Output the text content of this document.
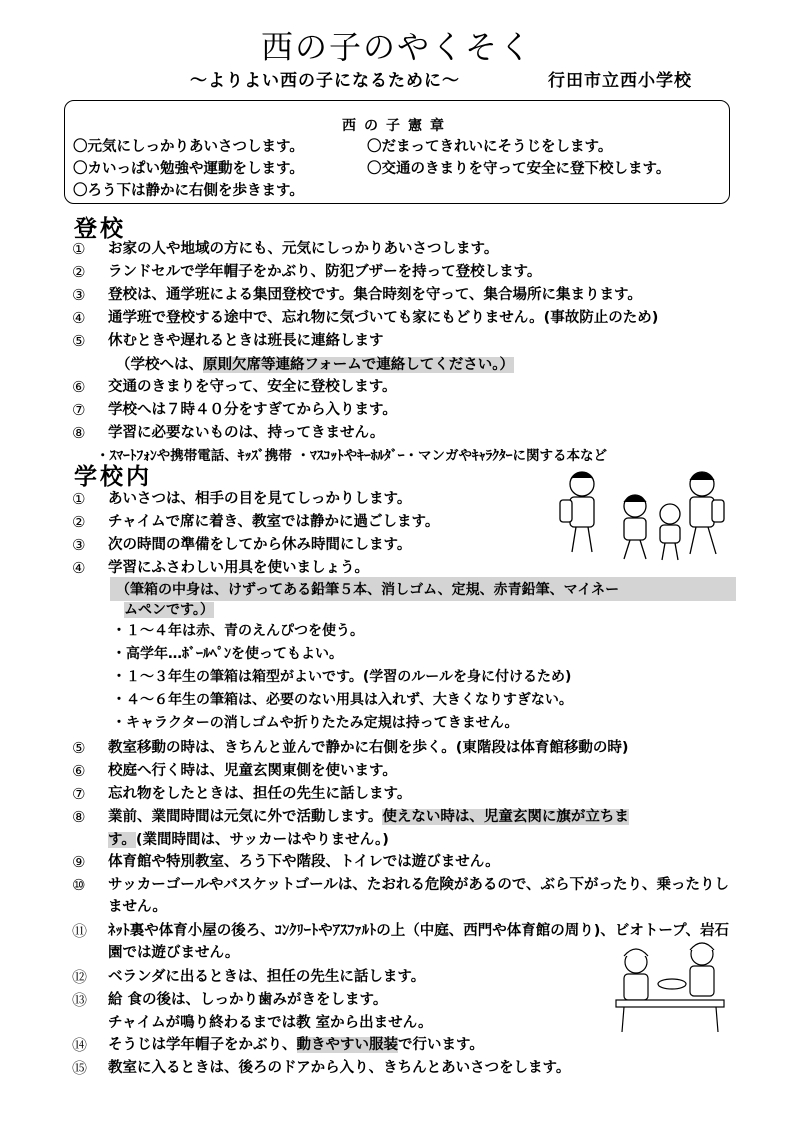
西の子のやくそく
〜よりよい西の子になるために〜	行田市立西小学校
西の子憲章
〇元気にしっかりあいさつします。	〇だまってきれいにそうじをします。
〇カいっぱい勉強や運動をします。	〇交通のきまりを守って安全に登下校します。
〇ろう下は静かに右側を歩きます。
登校
①	お家の人や地域の方にも、元気にしっかりあいさつします。
②	ランドセルで学年帽子をかぶり、防犯ブザーを持って登校します。
③	登校は、通学班による集団登校です。集合時刻を守って、集合場所に集まります。
④	通学班で登校する途中で、忘れ物に気づいても家にもどりません。(事故防止のため)
⑤	休むときや遅れるときは班長に連絡します
（学校へは、原則欠席等連絡フォームで連絡してください。）
⑥	交通のきまりを守って、安全に登校します。
⑦	学校へは７時４０分をすぎてから入ります。
⑧	学習に必要ないものは、持ってきません。
・ｽﾏｰﾄﾌｫﾝや携帯電話、ｷｯｽﾞ携帯 ・ﾏｽｺｯﾄやｷｰﾎﾙﾀﾞｰ・マンガやｷｬﾗｸﾀｰに関する本など
学校内
①	あいさつは、相手の目を見てしっかりします。
②	チャイムで席に着き、教室では静かに過ごします。
③	次の時間の準備をしてから休み時間にします。
④	学習にふさわしい用具を使いましょう。
（筆箱の中身は、けずってある鉛筆５本、消しゴム、定規、赤青鉛筆、マイネー
ムペンです。）
・１～４年は赤、青のえんぴつを使う。
・高学年…ﾎﾞｰﾙﾍﾟﾝを使ってもよい。
・１～３年生の筆箱は箱型がよいです。(学習のルールを身に付けるため)
・４～６年生の筆箱は、必要のない用具は入れず、大きくなりすぎない。
・キャラクターの消しゴムや折りたたみ定規は持ってきません。
⑤	教室移動の時は、きちんと並んで静かに右側を歩く。(東階段は体育館移動の時)
⑥	校庭へ行く時は、児童玄関東側を使います。
⑦	忘れ物をしたときは、担任の先生に話します。
⑧	業前、業間時間は元気に外で活動します。使えない時は、児童玄関に旗が立ちま
す。(業間時間は、サッカーはやりません。)
⑨	体育館や特別教室、ろう下や階段、トイレでは遊びません。
⑩	サッカーゴールやバスケットゴールは、たおれる危険があるので、ぶら下がったり、乗ったりしません。
⑪	ﾈｯﾄ裏や体育小屋の後ろ、ｺﾝｸﾘｰﾄやｱｽﾌｧﾙﾄの上（中庭、西門や体育館の周り)、ビオトープ、岩石園では遊びません。
⑫	ベランダに出るときは、担任の先生に話します。
⑬	給 食の後は、しっかり歯みがきをします。
チャイムが鳴り終わるまでは教 室から出ません。
⑭	そうじは学年帽子をかぶり、動きやすい服装で行います。
⑮	教室に入るときは、後ろのドアから入り、きちんとあいさつをします。
